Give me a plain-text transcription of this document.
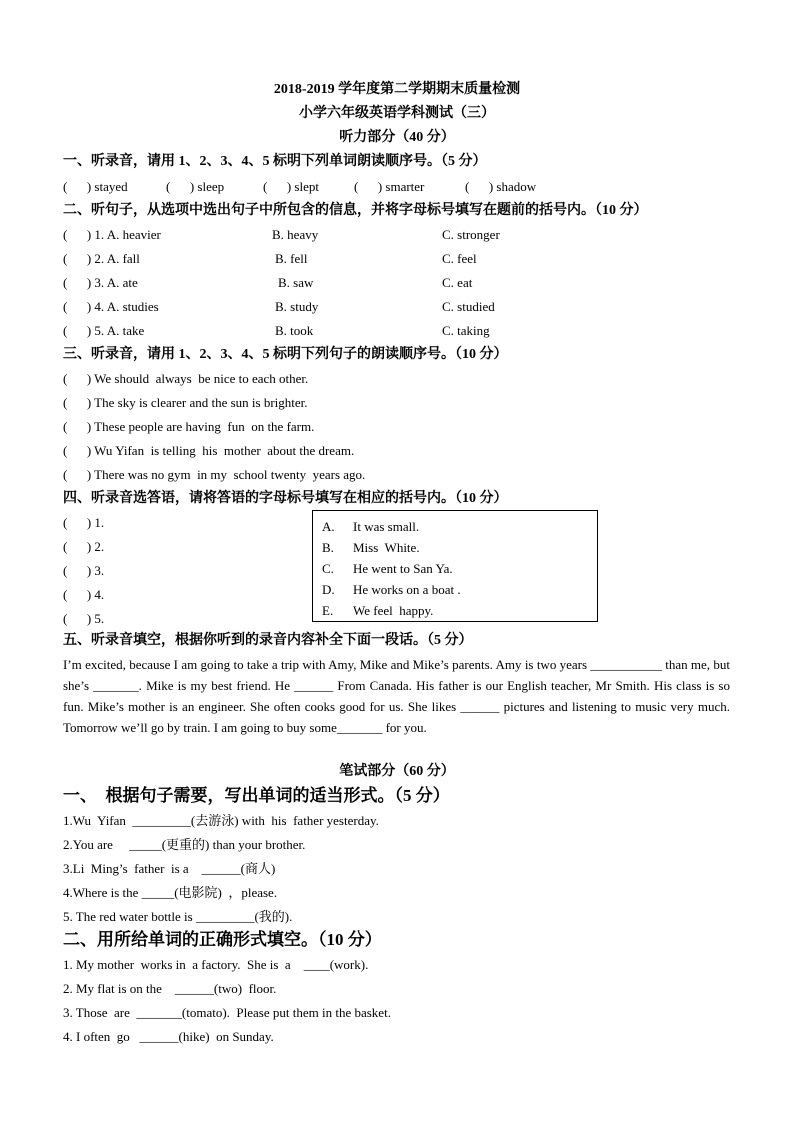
2018-2019 学年度第二学期期末质量检测
小学六年级英语学科测试（三）
听力部分（40 分）
一、听录音，请用 1、2、3、4、5 标明下列单词朗读顺序号。（5 分）
(      ) stayed	(      ) sleep	(      ) slept	(      ) smarter	(      ) shadow
二、听句子，从选项中选出句子中所包含的信息，并将字母标号填写在题前的括号内。（10 分）
(      ) 1. A. heavier	B. heavy	C. stronger
(      ) 2. A. fall	B. fell	C. feel
(      ) 3. A. ate	B. saw	C. eat
(      ) 4. A. studies	B. study	C. studied
(      ) 5. A. take	B. took	C. taking
三、听录音，请用 1、2、3、4、5 标明下列句子的朗读顺序号。（10 分）
(      ) We should  always  be nice to each other.
(      ) The sky is clearer and the sun is brighter.
(      ) These people are having  fun  on the farm.
(      ) Wu Yifan  is telling  his  mother  about the dream.
(      ) There was no gym  in my  school twenty  years ago.
四、听录音选答语，请将答语的字母标号填写在相应的括号内。（10 分）
(      ) 1.
(      ) 2.
(      ) 3.
(      ) 4.
(      ) 5.
A. It was small.
B. Miss  White.
C. He went to San Ya.
D. He works on a boat .
E. We feel  happy.
五、听录音填空，根据你听到的录音内容补全下面一段话。（5 分）
I’m excited, because I am going to take a trip with Amy, Mike and Mike’s parents. Amy is two years ___________ than me, but she’s _______. Mike is my best friend. He ______ From Canada. His father is our English teacher, Mr Smith. His class is so fun. Mike’s mother is an engineer. She often cooks good for us. She likes ______ pictures and listening to music very much. Tomorrow we’ll go by train. I am going to buy some_______ for you.
笔试部分（60 分）
一、  根据句子需要，写出单词的适当形式。（5 分）
1.Wu  Yifan  _________(去游泳) with  his  father yesterday.
2.You are     _____(更重的) than your brother.
3.Li  Ming’s  father  is a    ______(商人)
4.Where is the _____(电影院)  ，please.
5. The red water bottle is _________(我的).
二、用所给单词的正确形式填空。（10 分）
1. My mother  works in  a factory.  She is  a    ____(work).
2. My flat is on the    ______(two)  floor.
3. Those  are  _______(tomato).  Please put them in the basket.
4. I often  go   ______(hike)  on Sunday.
